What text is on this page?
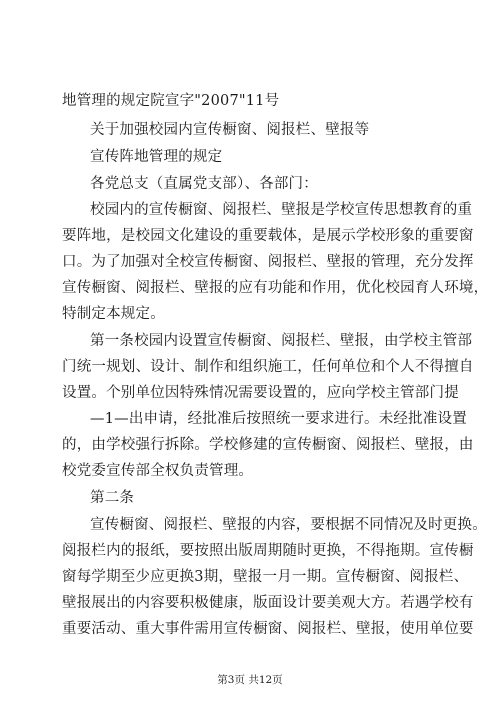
地管理的规定院宣字"2007"11号
关于加强校园内宣传橱窗、阅报栏、壁报等
宣传阵地管理的规定
各党总支（直属党支部）、各部门：
校园内的宣传橱窗、阅报栏、壁报是学校宣传思想教育的重
要阵地，是校园文化建设的重要载体，是展示学校形象的重要窗
口。为了加强对全校宣传橱窗、阅报栏、壁报的管理，充分发挥
宣传橱窗、阅报栏、壁报的应有功能和作用，优化校园育人环境，
特制定本规定。
第一条校园内设置宣传橱窗、阅报栏、壁报，由学校主管部
门统一规划、设计、制作和组织施工，任何单位和个人不得擅自
设置。个别单位因特殊情况需要设置的，应向学校主管部门提
—1—出申请，经批准后按照统一要求进行。未经批准设置
的，由学校强行拆除。学校修建的宣传橱窗、阅报栏、壁报，由
校党委宣传部全权负责管理。
第二条
宣传橱窗、阅报栏、壁报的内容，要根据不同情况及时更换。
阅报栏内的报纸，要按照出版周期随时更换，不得拖期。宣传橱
窗每学期至少应更换3期，壁报一月一期。宣传橱窗、阅报栏、
壁报展出的内容要积极健康，版面设计要美观大方。若遇学校有
重要活动、重大事件需用宣传橱窗、阅报栏、壁报，使用单位要
第3页 共12页
